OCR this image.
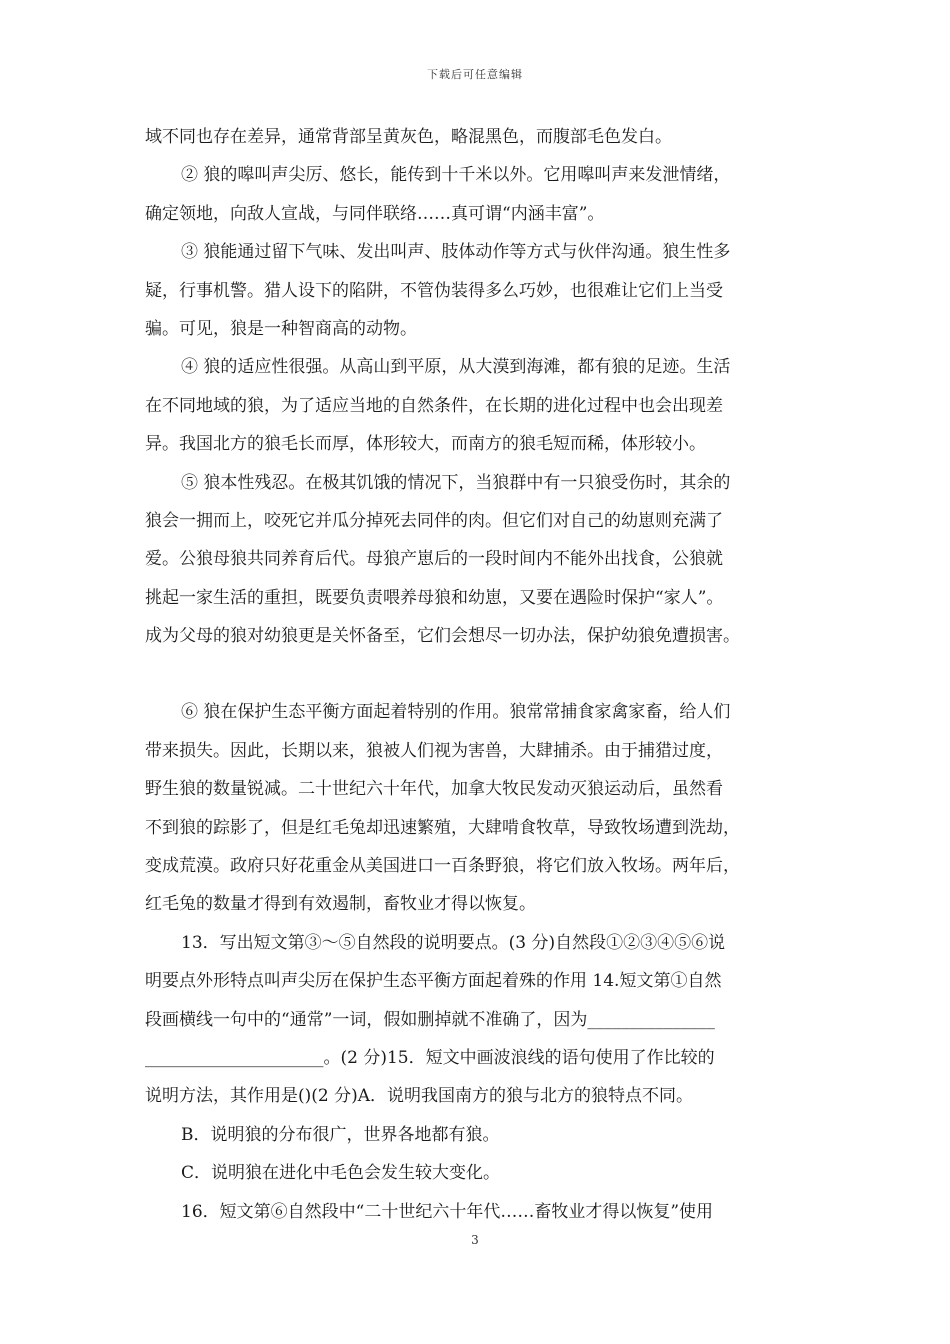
下载后可任意编辑
域不同也存在差异，通常背部呈黄灰色，略混黑色，而腹部毛色发白。
② 狼的嗥叫声尖厉、悠长，能传到十千米以外。它用嗥叫声来发泄情绪，
确定领地，向敌人宣战，与同伴联络……真可谓“内涵丰富”。
③ 狼能通过留下气味、发出叫声、肢体动作等方式与伙伴沟通。狼生性多
疑，行事机警。猎人设下的陷阱，不管伪装得多么巧妙，也很难让它们上当受
骗。可见，狼是一种智商高的动物。
④ 狼的适应性很强。从高山到平原，从大漠到海滩，都有狼的足迹。生活
在不同地域的狼，为了适应当地的自然条件，在长期的进化过程中也会出现差
异。我国北方的狼毛长而厚，体形较大，而南方的狼毛短而稀，体形较小。
⑤ 狼本性残忍。在极其饥饿的情况下，当狼群中有一只狼受伤时，其余的
狼会一拥而上，咬死它并瓜分掉死去同伴的肉。但它们对自己的幼崽则充满了
爱。公狼母狼共同养育后代。母狼产崽后的一段时间内不能外出找食，公狼就
挑起一家生活的重担，既要负责喂养母狼和幼崽，又要在遇险时保护“家人”。
成为父母的狼对幼狼更是关怀备至，它们会想尽一切办法，保护幼狼免遭损害。
⑥ 狼在保护生态平衡方面起着特别的作用。狼常常捕食家禽家畜，给人们
带来损失。因此，长期以来，狼被人们视为害兽，大肆捕杀。由于捕猎过度，
野生狼的数量锐减。二十世纪六十年代，加拿大牧民发动灭狼运动后，虽然看
不到狼的踪影了，但是红毛兔却迅速繁殖，大肆啃食牧草，导致牧场遭到洗劫，
变成荒漠。政府只好花重金从美国进口一百条野狼，将它们放入牧场。两年后，
红毛兔的数量才得到有效遏制，畜牧业才得以恢复。
13．写出短文第③～⑤自然段的说明要点。(3 分)自然段①②③④⑤⑥说
明要点外形特点叫声尖厉在保护生态平衡方面起着殊的作用 14.短文第①自然
段画横线一句中的“通常”一词，假如删掉就不准确了，因为_______________
_____________________。(2 分)15．短文中画波浪线的语句使用了作比较的
说明方法，其作用是()(2 分)A．说明我国南方的狼与北方的狼特点不同。
B．说明狼的分布很广，世界各地都有狼。
C．说明狼在进化中毛色会发生较大变化。
16．短文第⑥自然段中“二十世纪六十年代……畜牧业才得以恢复”使用
3
